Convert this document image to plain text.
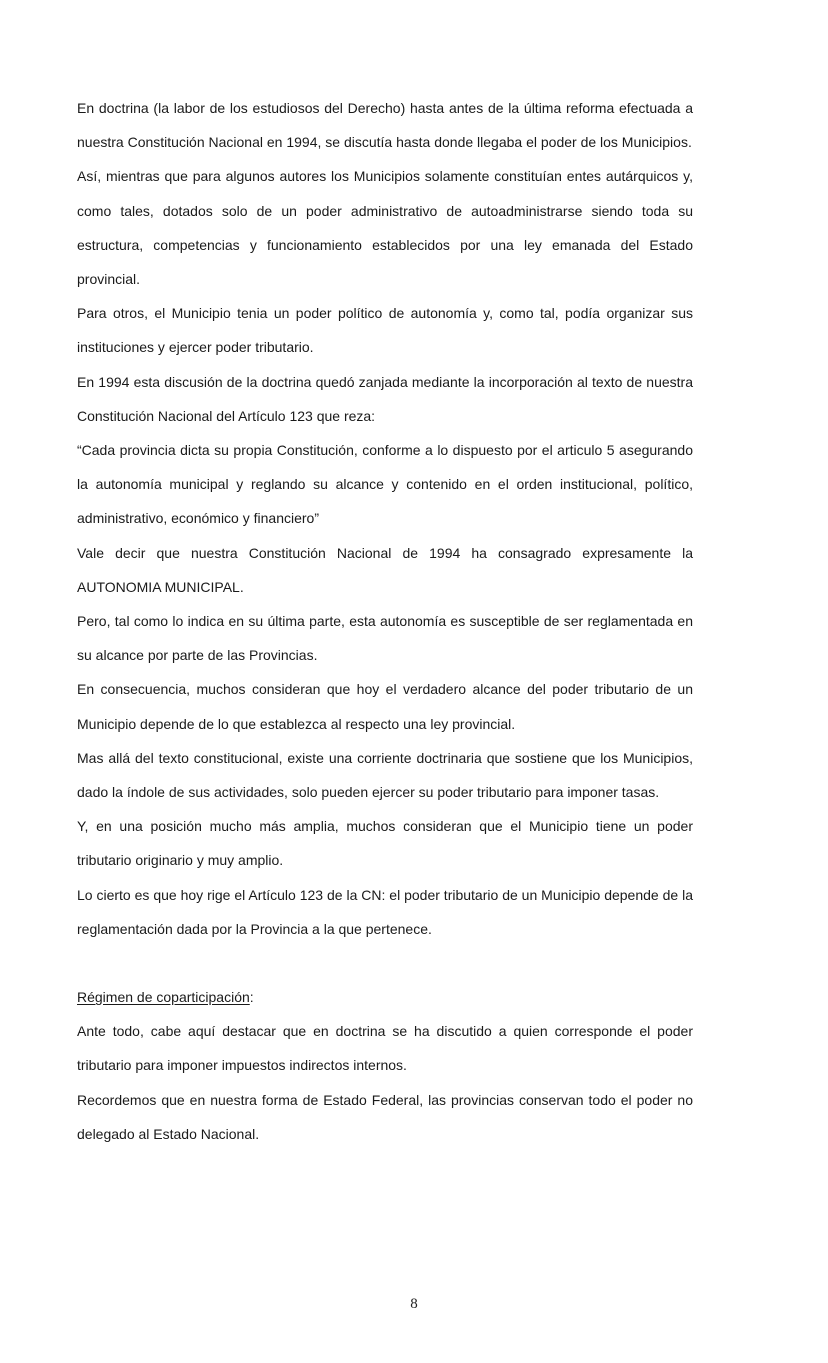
En doctrina (la labor de los estudiosos del Derecho) hasta antes de la última reforma efectuada a nuestra Constitución Nacional en 1994, se discutía hasta donde llegaba el poder de los Municipios.

Así, mientras que para algunos autores los Municipios solamente constituían entes autárquicos y, como tales, dotados solo de un poder administrativo de autoadministrarse siendo toda su estructura, competencias y funcionamiento establecidos por una ley emanada del Estado provincial.

Para otros, el Municipio tenia un poder político de autonomía y, como tal, podía organizar sus instituciones y ejercer poder tributario.

En 1994 esta discusión de la doctrina quedó zanjada mediante la incorporación al texto de nuestra Constitución Nacional del Artículo 123 que reza:

“Cada provincia dicta su propia Constitución, conforme a lo dispuesto por el articulo 5 asegurando la autonomía municipal y reglando su alcance y contenido en el orden institucional, político, administrativo, económico y financiero”

Vale decir que nuestra Constitución Nacional de 1994 ha consagrado expresamente la AUTONOMIA MUNICIPAL.

Pero, tal como lo indica en su última parte, esta autonomía es susceptible de ser reglamentada en su alcance por parte de las Provincias.

En consecuencia, muchos consideran que hoy el verdadero alcance del poder tributario de un Municipio depende de lo que establezca al respecto una ley provincial.

Mas allá del texto constitucional, existe una corriente doctrinaria que sostiene que los Municipios, dado la índole de sus actividades, solo pueden ejercer su poder tributario para imponer tasas.

Y, en una posición mucho más amplia, muchos consideran que el Municipio tiene un poder tributario originario y muy amplio.

Lo cierto es que hoy rige el Artículo 123 de la CN: el poder tributario de un Municipio depende de la reglamentación dada por la Provincia a la que pertenece.

Régimen de coparticipación:

Ante todo, cabe aquí destacar que en doctrina se ha discutido a quien corresponde el poder tributario para imponer impuestos indirectos internos.

Recordemos que en nuestra forma de Estado Federal, las provincias conservan todo el poder no delegado al Estado Nacional.

8
